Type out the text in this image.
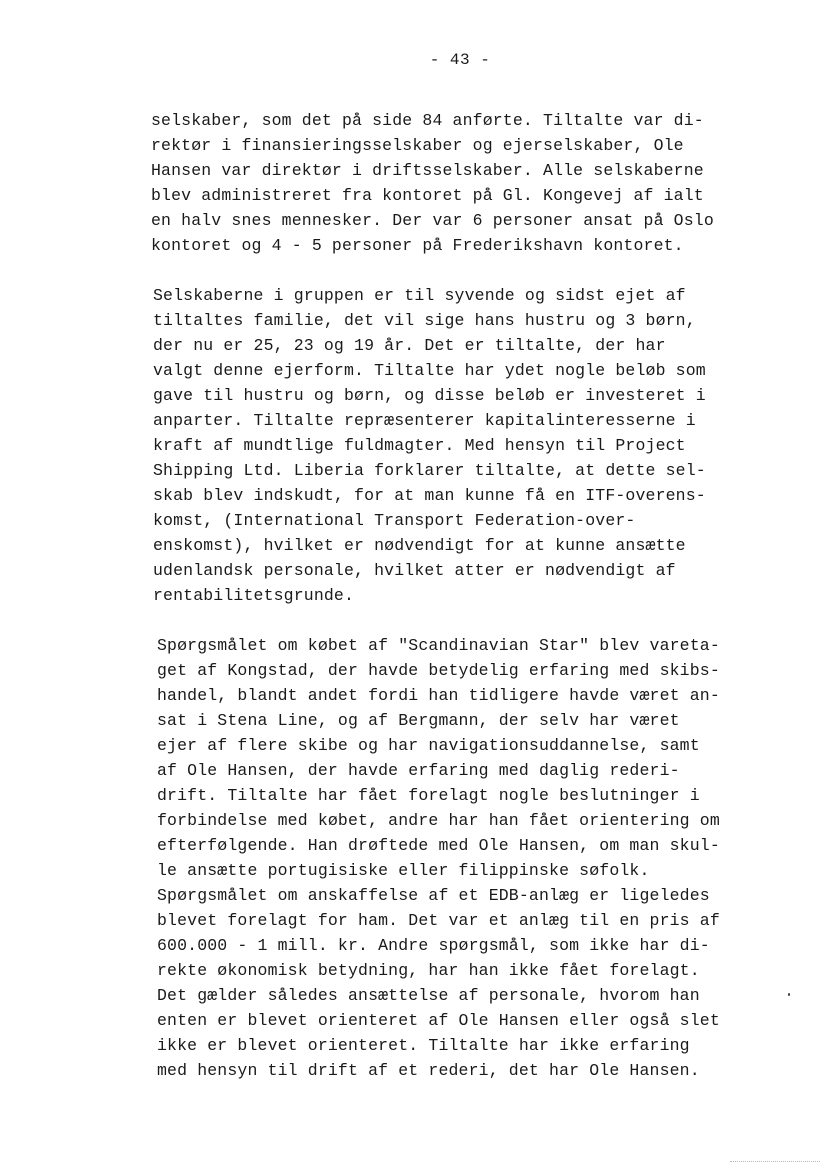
- 43 -
selskaber, som det på side 84 anførte. Tiltalte var di-
rektør i finansieringsselskaber og ejerselskaber, Ole
Hansen var direktør i driftsselskaber. Alle selskaberne
blev administreret fra kontoret på Gl. Kongevej af ialt
en halv snes mennesker. Der var 6 personer ansat på Oslo
kontoret og 4 - 5 personer på Frederikshavn kontoret.
Selskaberne i gruppen er til syvende og sidst ejet af
tiltaltes familie, det vil sige hans hustru og 3 børn,
der nu er 25, 23 og 19 år. Det er tiltalte, der har
valgt denne ejerform. Tiltalte har ydet nogle beløb som
gave til hustru og børn, og disse beløb er investeret i
anparter. Tiltalte repræsenterer kapitalinteresserne i
kraft af mundtlige fuldmagter. Med hensyn til Project
Shipping Ltd. Liberia forklarer tiltalte, at dette sel-
skab blev indskudt, for at man kunne få en ITF-overens-
komst, (International Transport Federation-over-
enskomst), hvilket er nødvendigt for at kunne ansætte
udenlandsk personale, hvilket atter er nødvendigt af
rentabilitetsgrunde.
Spørgsmålet om købet af "Scandinavian Star" blev vareta-
get af Kongstad, der havde betydelig erfaring med skibs-
handel, blandt andet fordi han tidligere havde været an-
sat i Stena Line, og af Bergmann, der selv har været
ejer af flere skibe og har navigationsuddannelse, samt
af Ole Hansen, der havde erfaring med daglig rederi-
drift. Tiltalte har fået forelagt nogle beslutninger i
forbindelse med købet, andre har han fået orientering om
efterfølgende. Han drøftede med Ole Hansen, om man skul-
le ansætte portugisiske eller filippinske søfolk.
Spørgsmålet om anskaffelse af et EDB-anlæg er ligeledes
blevet forelagt for ham. Det var et anlæg til en pris af
600.000 - 1 mill. kr. Andre spørgsmål, som ikke har di-
rekte økonomisk betydning, har han ikke fået forelagt.
Det gælder således ansættelse af personale, hvorom han
enten er blevet orienteret af Ole Hansen eller også slet
ikke er blevet orienteret. Tiltalte har ikke erfaring
med hensyn til drift af et rederi, det har Ole Hansen.
